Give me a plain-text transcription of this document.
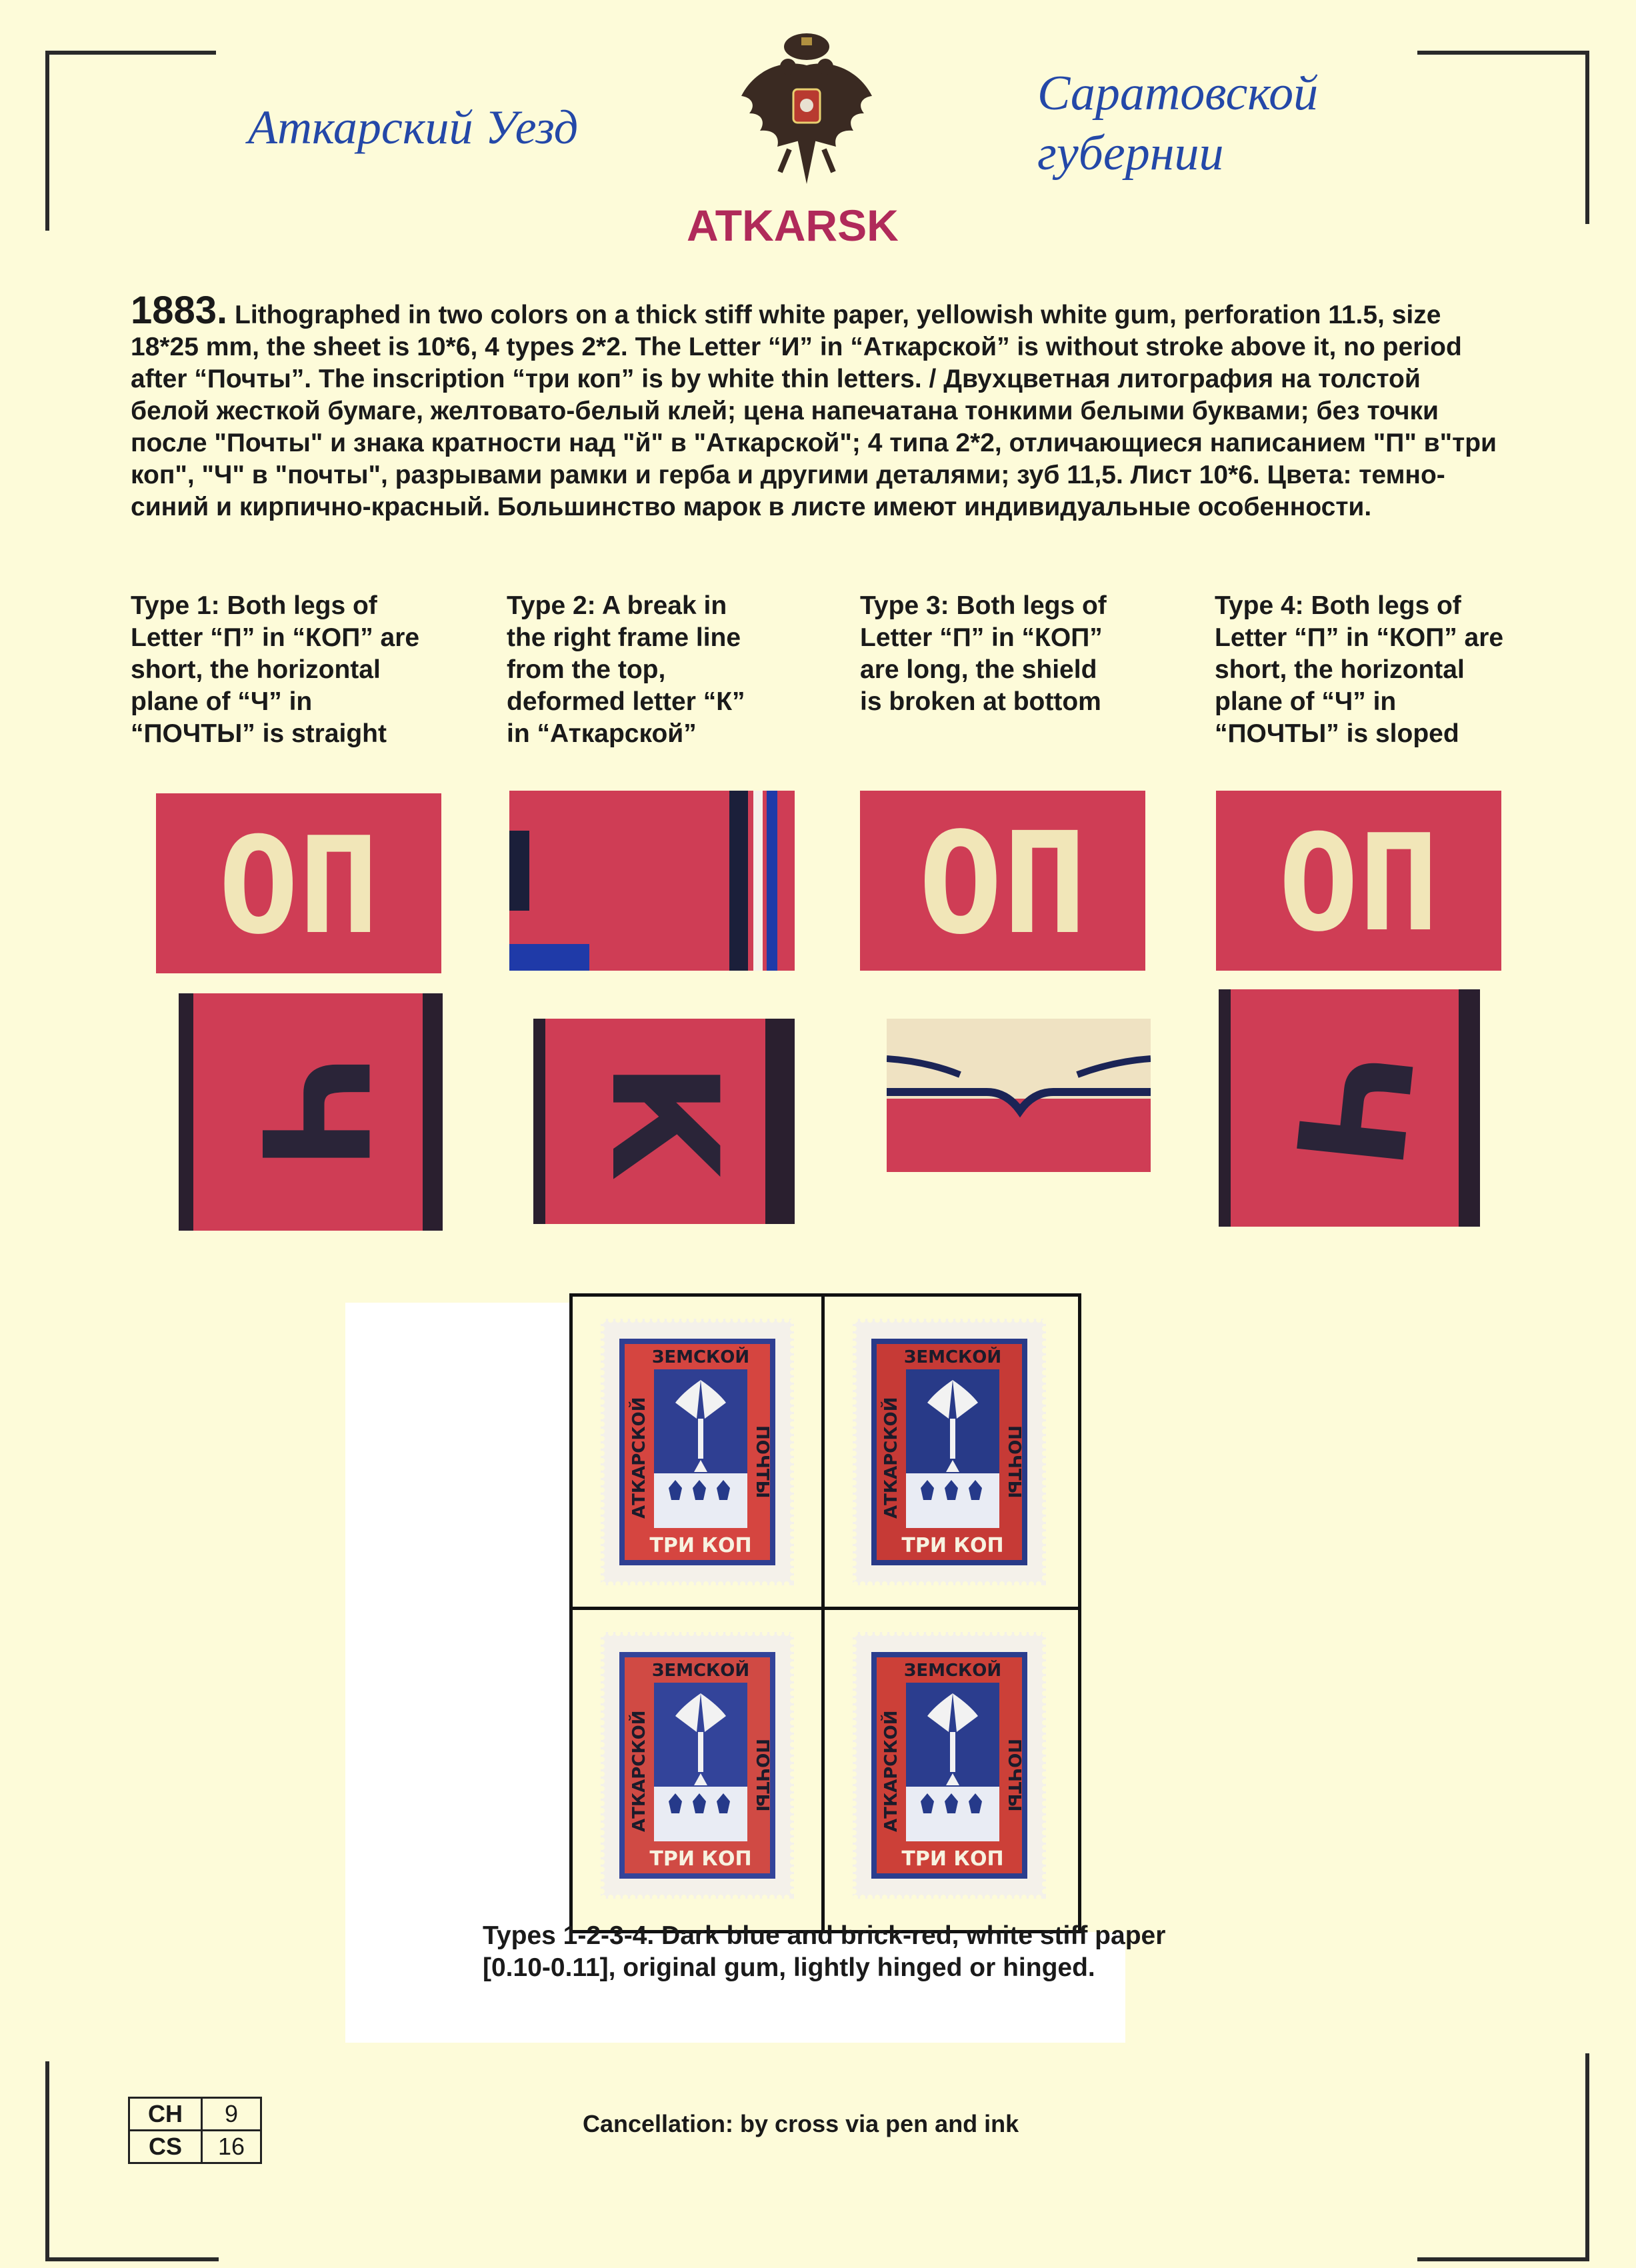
Аткарский Уезд
Саратовской
губернии
ATKARSK
1883. Lithographed in two colors on a thick stiff white paper, yellowish white gum, perforation 11.5, size 18*25 mm, the sheet is 10*6, 4 types 2*2. The Letter “И” in “Аткарской” is without stroke above it, no period after “Почты”. The inscription “три коп” is by white thin letters. / Двухцветная литография на толстой белой жесткой бумаге, желтовато-белый клей; цена напечатана тонкими белыми буквами; без точки после "Почты" и знака кратности над "й" в "Аткарской"; 4 типа 2*2, отличающиеся написанием "П" в"три коп", "Ч" в "почты", разрывами рамки и герба и другими деталями; зуб 11,5. Лист 10*6. Цвета: темно-синий и кирпично-красный. Большинство марок в листе имеют индивидуальные особенности.
Type 1: Both legs of
Letter “П” in “КОП” are
short, the horizontal
plane of “Ч” in
“ПОЧТЫ” is straight
Type 2: A break in
the right frame line
from the top,
deformed letter “К”
in “Аткарской”
Type 3: Both legs of
Letter “П” in “КОП”
are long, the shield
is broken at bottom
Type 4: Both legs of
Letter “П” in “КОП” are
short, the horizontal
plane of “Ч” in
“ПОЧТЫ” is sloped
ОП	ОП ОП
Ч К	Ч
ЗЕМСКОЙ
ТРИ КОП
АТКАРСКОЙ	ПОЧТЫ
ЗЕМСКОЙ
ТРИ КОП
АТКАРСКОЙ	ПОЧТЫ
ЗЕМСКОЙ
ТРИ КОП
АТКАРСКОЙ	ПОЧТЫ
ЗЕМСКОЙ
ТРИ КОП
АТКАРСКОЙ	ПОЧТЫ
Types 1-2-3-4. Dark blue and brick-red, white stiff paper
[0.10-0.11], original gum, lightly hinged or hinged.
CH	9
CS	16
Cancellation: by cross via pen and ink
